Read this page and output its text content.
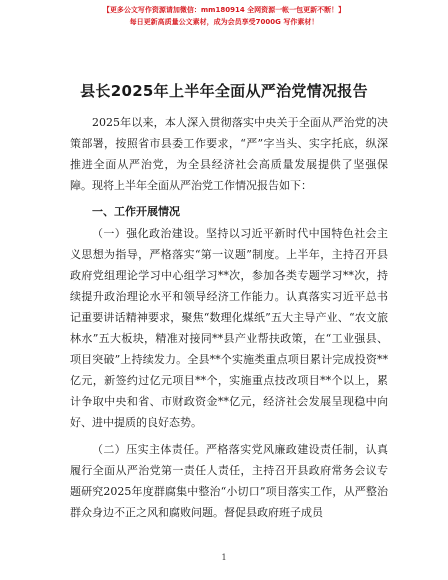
【更多公文写作资源请加微信：mm180914 全网资源一帐一包更新不断！】
每日更新高质量公文素材，成为会员享受7000G 写作素材！
县长2025年上半年全面从严治党情况报告

2025年以来，本人深入贯彻落实中央关于全面从严治党的决策部署，按照省市县委工作要求，“严”字当头、实字托底，纵深推进全面从严治党，为全县经济社会高质量发展提供了坚强保障。现将上半年全面从严治党工作情况报告如下：

一、工作开展情况

（一）强化政治建设。坚持以习近平新时代中国特色社会主义思想为指导，严格落实“第一议题”制度。上半年，主持召开县政府党组理论学习中心组学习**次，参加各类专题学习**次，持续提升政治理论水平和领导经济工作能力。认真落实习近平总书记重要讲话精神要求，聚焦“数理化煤纸”五大主导产业、“农文旅林水”五大板块，精准对接同**县产业帮扶政策，在“工业强县、项目突破”上持续发力。全县**个实施类重点项目累计完成投资**亿元，新签约过亿元项目**个，实施重点技改项目**个以上，累计争取中央和省、市财政资金**亿元，经济社会发展呈现稳中向好、进中提质的良好态势。

（二）压实主体责任。严格落实党风廉政建设责任制，认真履行全面从严治党第一责任人责任，主持召开县政府常务会议专题研究2025年度群腐集中整治“小切口”项目落实工作，从严整治群众身边不正之风和腐败问题。督促县政府班子成员

1
